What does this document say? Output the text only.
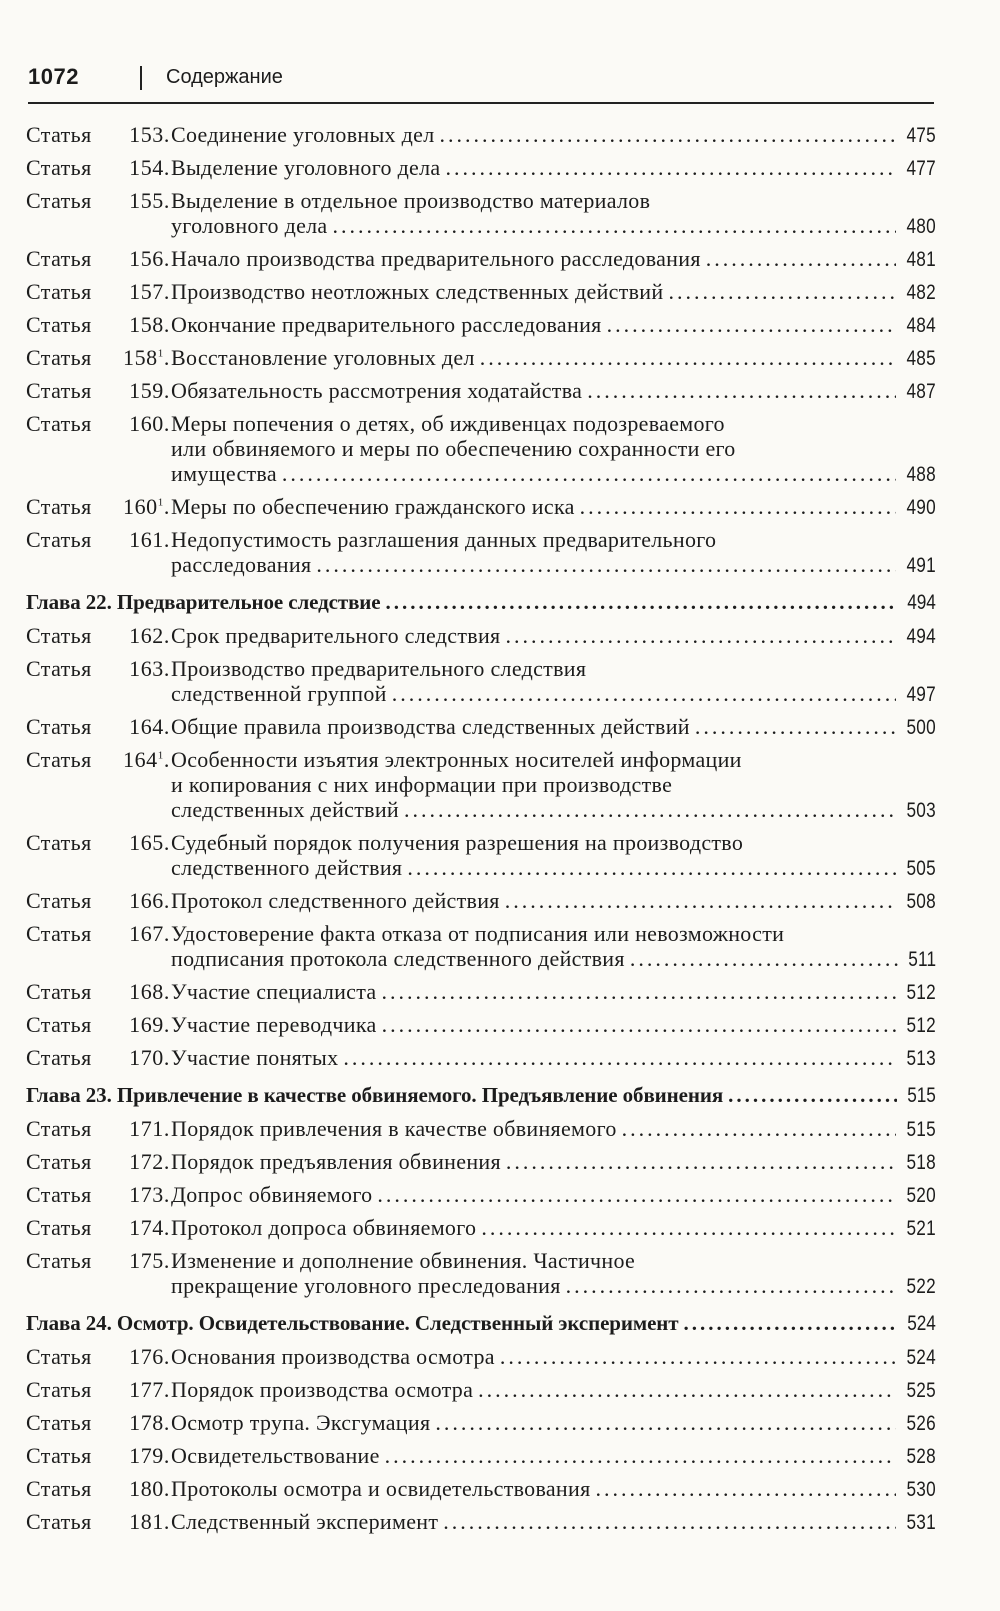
1072	Содержание
Статья	153. Соединение уголовных дел .....	475
Статья	154. Выделение уголовного дела .....	477
Статья	155. Выделение в отдельное производство материалов
уголовного дела .....	480
Статья	156. Начало производства предварительного расследования .....	481
Статья	157. Производство неотложных следственных действий .....	482
Статья	158. Окончание предварительного расследования .....	484
Статья	$158^1$. Восстановление уголовных дел .....	485
Статья	159. Обязательность рассмотрения ходатайства .....	487
Статья	160. Меры попечения о детях, об иждивенцах подозреваемого
или обвиняемого и меры по обеспечению сохранности его
имущества .....	488
Статья	$160^1$. Меры по обеспечению гражданского иска .....	490
Статья	161. Недопустимость разглашения данных предварительного
расследования .....	491
Глава 22. Предварительное следствие .....	494
Статья	162. Срок предварительного следствия .....	494
Статья	163. Производство предварительного следствия
следственной группой .....	497
Статья	164. Общие правила производства следственных действий .....	500
Статья	$164^1$. Особенности изъятия электронных носителей информации
и копирования с них информации при производстве
следственных действий .....	503
Статья	165. Судебный порядок получения разрешения на производство
следственного действия .....	505
Статья	166. Протокол следственного действия .....	508
Статья	167. Удостоверение факта отказа от подписания или невозможности
подписания протокола следственного действия .....	511
Статья	168. Участие специалиста .....	512
Статья	169. Участие переводчика .....	512
Статья	170. Участие понятых .....	513
Глава 23. Привлечение в качестве обвиняемого. Предъявление обвинения .....	515
Статья	171. Порядок привлечения в качестве обвиняемого .....	515
Статья	172. Порядок предъявления обвинения .....	518
Статья	173. Допрос обвиняемого .....	520
Статья	174. Протокол допроса обвиняемого .....	521
Статья	175. Изменение и дополнение обвинения. Частичное
прекращение уголовного преследования .....	522
Глава 24. Осмотр. Освидетельствование. Следственный эксперимент .....	524
Статья	176. Основания производства осмотра .....	524
Статья	177. Порядок производства осмотра .....	525
Статья	178. Осмотр трупа. Эксгумация .....	526
Статья	179. Освидетельствование .....	528
Статья	180. Протоколы осмотра и освидетельствования .....	530
Статья	181. Следственный эксперимент .....	531
